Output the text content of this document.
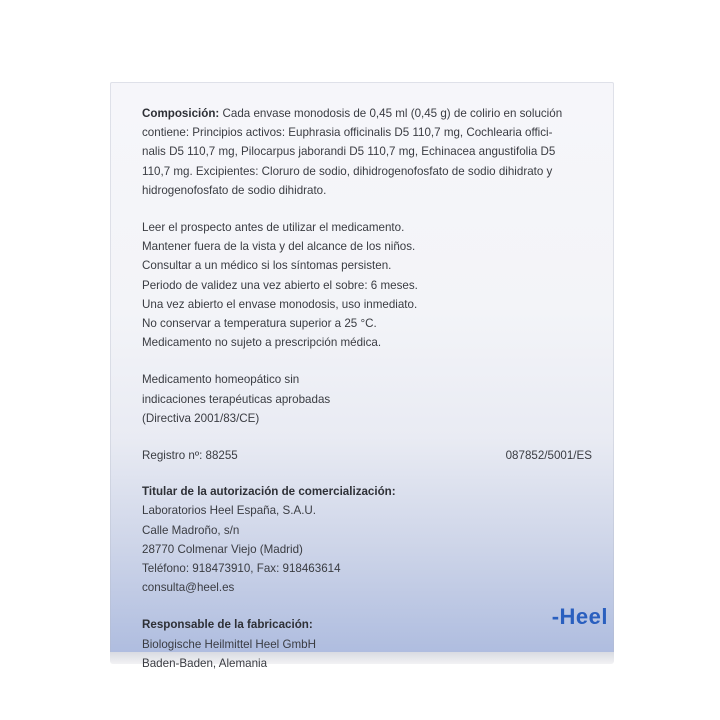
Composición: Cada envase monodosis de 0,45 ml (0,45 g) de colirio en solución

contiene: Principios activos: Euphrasia officinalis D5 110,7 mg, Cochlearia offici-

nalis D5 110,7 mg, Pilocarpus jaborandi D5 110,7 mg, Echinacea angustifolia D5

110,7 mg. Excipientes: Cloruro de sodio, dihidrogenofosfato de sodio dihidrato y

hidrogenofosfato de sodio dihidrato.

Leer el prospecto antes de utilizar el medicamento.

Mantener fuera de la vista y del alcance de los niños.

Consultar a un médico si los síntomas persisten.

Periodo de validez una vez abierto el sobre: 6 meses.

Una vez abierto el envase monodosis, uso inmediato.

No conservar a temperatura superior a 25 °C.

Medicamento no sujeto a prescripción médica.

Medicamento homeopático sin

indicaciones terapéuticas aprobadas

(Directiva 2001/83/CE)

Registro nº: 88255	087852/5001/ES

Titular de la autorización de comercialización:

Laboratorios Heel España, S.A.U.

Calle Madroño, s/n

28770 Colmenar Viejo (Madrid)

Teléfono: 918473910, Fax: 918463614

consulta@heel.es

Responsable de la fabricación:

Biologische Heilmittel Heel GmbH

Baden-Baden, Alemania

-Heel
